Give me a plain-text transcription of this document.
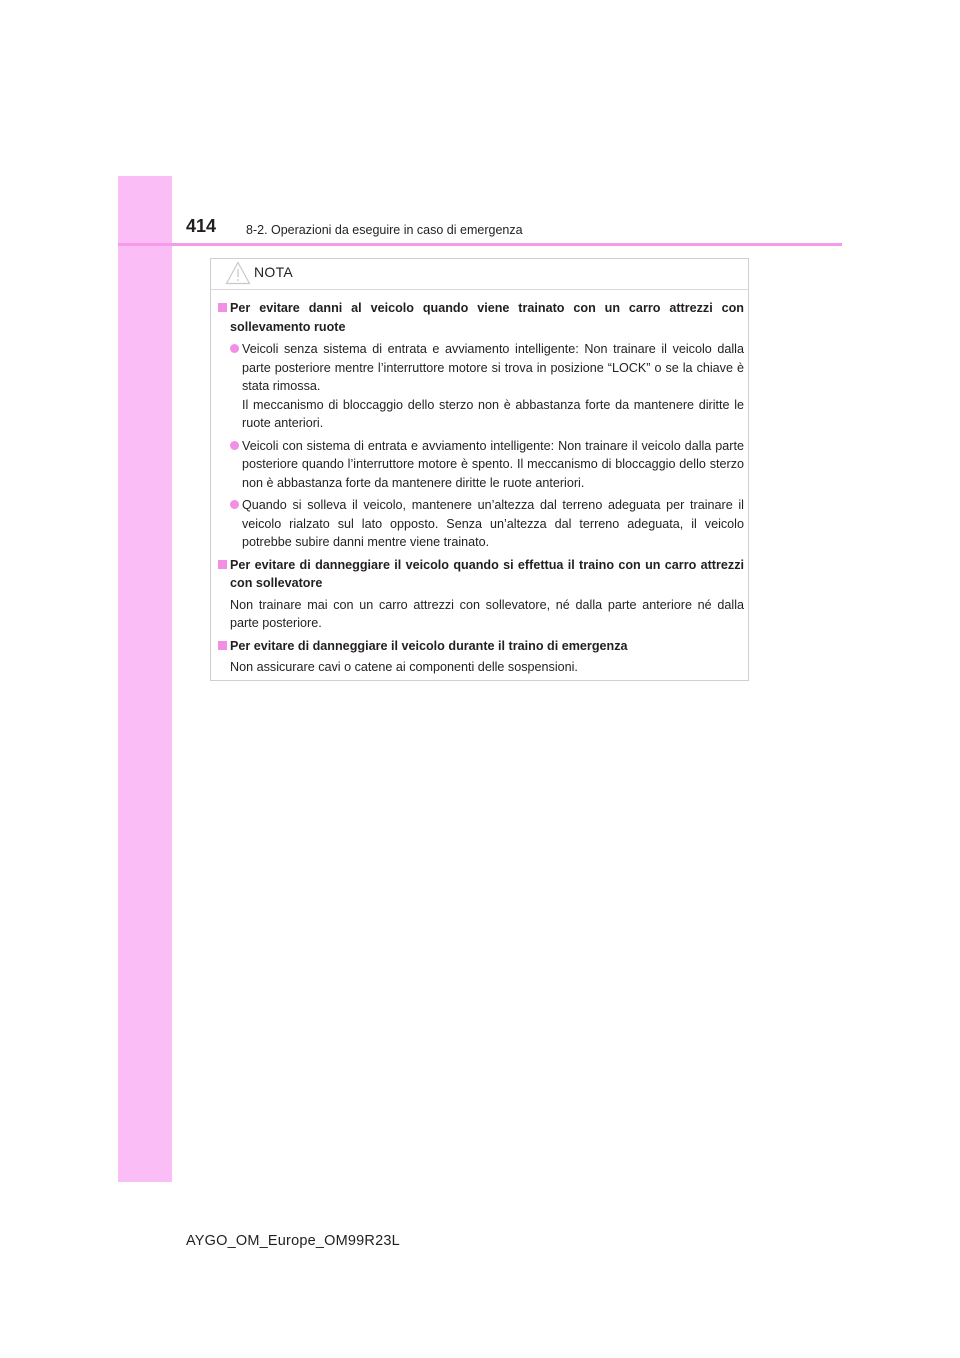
414 8-2. Operazioni da eseguire in caso di emergenza
NOTA
Per evitare danni al veicolo quando viene trainato con un carro attrezzi con sollevamento ruote
Veicoli senza sistema di entrata e avviamento intelligente: Non trainare il veicolo dalla parte posteriore mentre l’interruttore motore si trova in posizione “LOCK” o se la chiave è stata rimossa.
Il meccanismo di bloccaggio dello sterzo non è abbastanza forte da mantenere diritte le ruote anteriori.
Veicoli con sistema di entrata e avviamento intelligente: Non trainare il veicolo dalla parte posteriore quando l’interruttore motore è spento. Il meccanismo di bloccaggio dello sterzo non è abbastanza forte da mantenere diritte le ruote anteriori.
Quando si solleva il veicolo, mantenere un’altezza dal terreno adeguata per trainare il veicolo rialzato sul lato opposto. Senza un’altezza dal terreno adeguata, il veicolo potrebbe subire danni mentre viene trainato.
Per evitare di danneggiare il veicolo quando si effettua il traino con un carro attrezzi con sollevatore
Non trainare mai con un carro attrezzi con sollevatore, né dalla parte anteriore né dalla parte posteriore.
Per evitare di danneggiare il veicolo durante il traino di emergenza
Non assicurare cavi o catene ai componenti delle sospensioni.
AYGO_OM_Europe_OM99R23L
